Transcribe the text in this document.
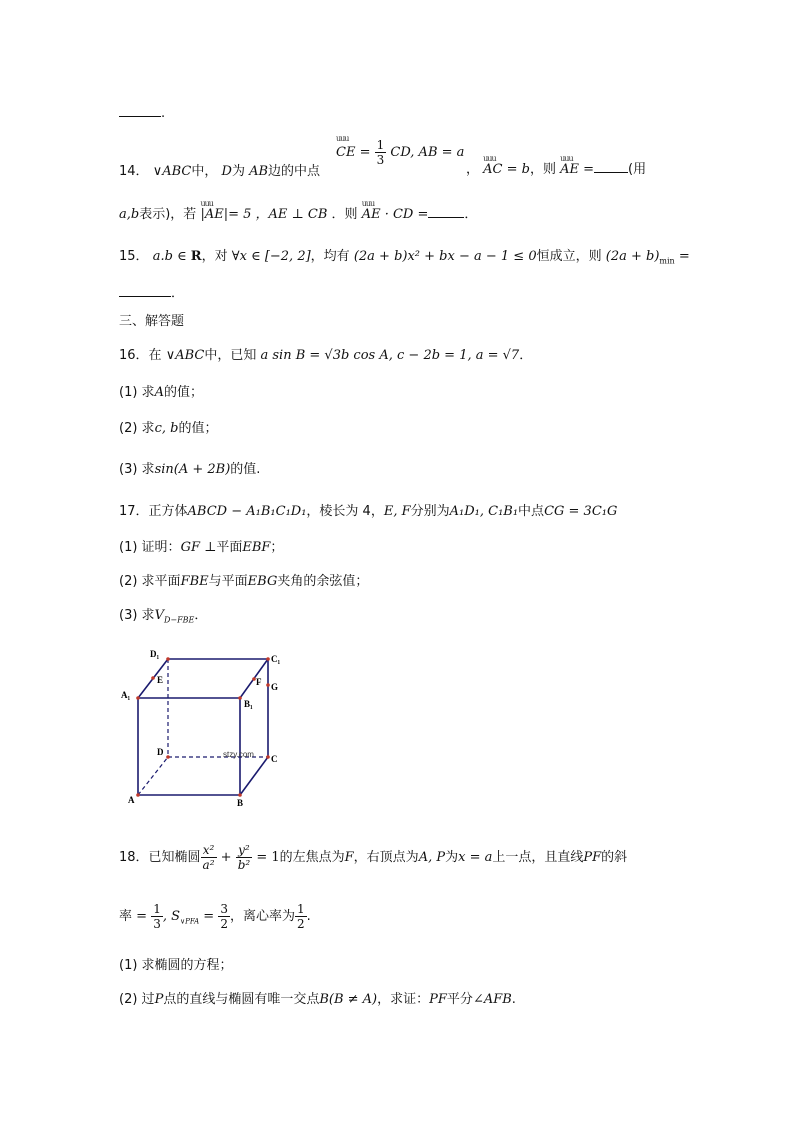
.
14． ∨ABC中， D为 AB边的中点
uuu CE = $\frac{1}{3}$ CD, AB = a
， uuu AC = b，则 uuu AE =	(用
a,b表示)，若 uuu |AE|= 5 ，AE ⊥ CB ．则 uuu AE · CD =	．
15． a.b ∈ R，对 ∀x ∈ [−2, 2]，均有 (2a + b)x² + bx − a − 1 ≤ 0恒成立，则 $(2a + b)_{min}$ =
．
三、解答题
16．在 ∨ABC中，已知 a sin B = √3b cos A, c − 2b = 1, a = √7．
(1) 求A的值；
(2) 求c, b的值；
(3) 求sin(A + 2B)的值.
17．正方体ABCD − A₁B₁C₁D₁，棱长为 4，E, F分别为A₁D₁, C₁B₁中点CG = 3C₁G
(1) 证明：GF ⊥平面EBF；
(2) 求平面FBE与平面EBG夹角的余弦值；
(3) 求$V_{D-FBE}$．
D₁	C₁
A₁
B₁
E	F G
D
C
A	B
stzy.com
18．已知椭圆 $\frac{\text{x²}}{\text{a²}} + \frac{\text{y²}}{\text{b²}} = 1$的左焦点为F，右顶点为A, P为x = a上一点，且直线PF的斜
率 = $\frac{1}{3}$ , $S_{\vee PFA} = \frac{3}{2}$ ，离心率为 $\frac{1}{2}$ .
(1) 求椭圆的方程；
(2) 过P点的直线与椭圆有唯一交点B(B ≠ A)，求证：PF平分∠AFB.
